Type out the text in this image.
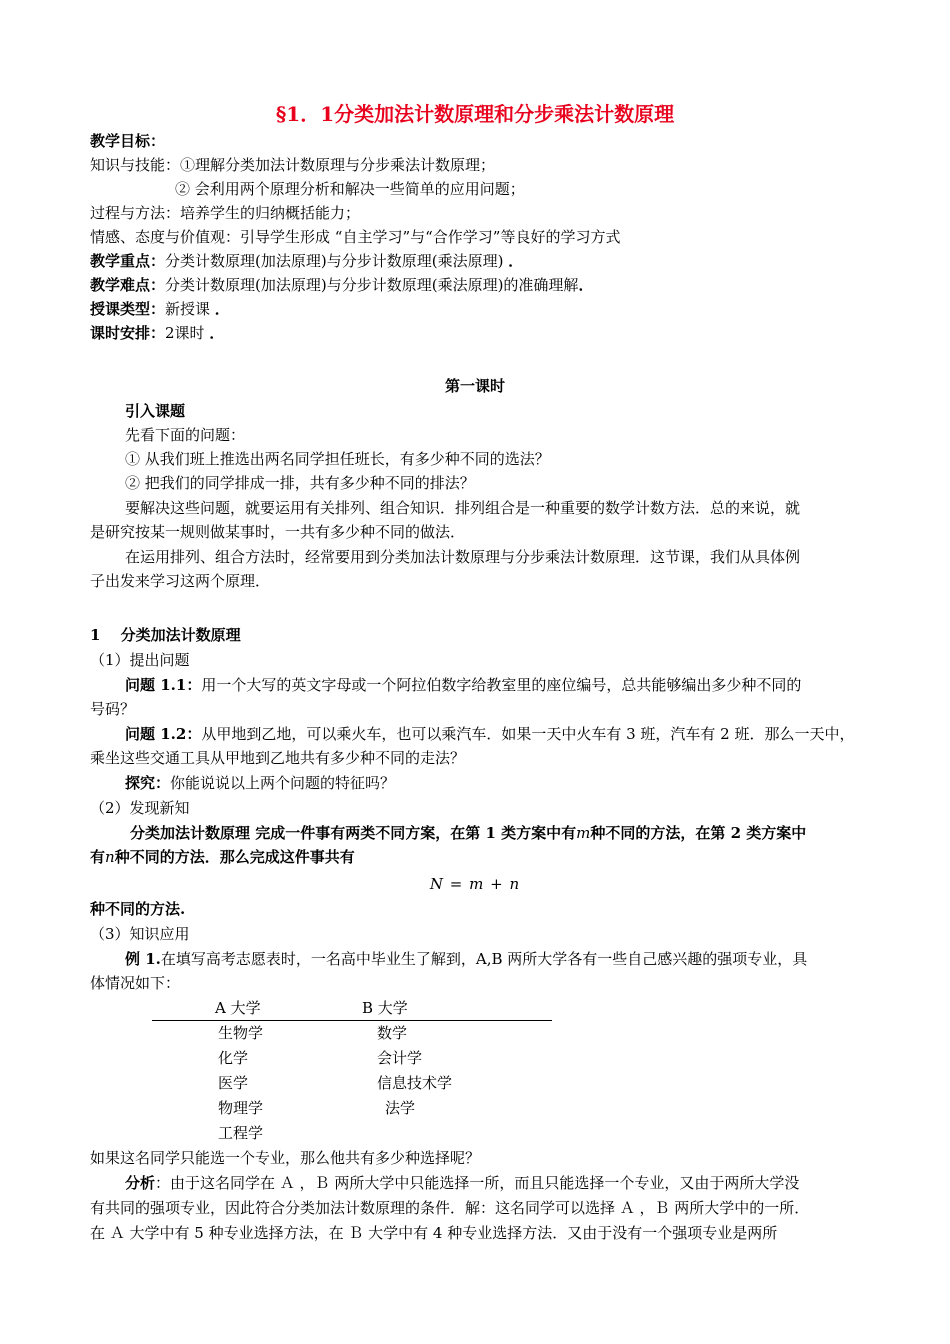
§1．1分类加法计数原理和分步乘法计数原理
教学目标：
知识与技能：①理解分类加法计数原理与分步乘法计数原理；
② 会利用两个原理分析和解决一些简单的应用问题；
过程与方法：培养学生的归纳概括能力；
情感、态度与价值观：引导学生形成 “自主学习”与“合作学习”等良好的学习方式
教学重点：分类计数原理(加法原理)与分步计数原理(乘法原理) ．
教学难点：分类计数原理(加法原理)与分步计数原理(乘法原理)的准确理解．
授课类型：新授课 ．
课时安排：2课时 ．
第一课时
引入课题
先看下面的问题：
① 从我们班上推选出两名同学担任班长，有多少种不同的选法？
② 把我们的同学排成一排，共有多少种不同的排法？
要解决这些问题，就要运用有关排列、组合知识．排列组合是一种重要的数学计数方法．总的来说，就
是研究按某一规则做某事时，一共有多少种不同的做法．
在运用排列、组合方法时，经常要用到分类加法计数原理与分步乘法计数原理．这节课，我们从具体例
子出发来学习这两个原理．
1　 分类加法计数原理
（1）提出问题
问题 1.1：用一个大写的英文字母或一个阿拉伯数字给教室里的座位编号，总共能够编出多少种不同的
号码？
问题 1.2：从甲地到乙地，可以乘火车，也可以乘汽车．如果一天中火车有 3 班，汽车有 2 班．那么一天中，
乘坐这些交通工具从甲地到乙地共有多少种不同的走法？
探究：你能说说以上两个问题的特征吗？
（2）发现新知
分类加法计数原理 完成一件事有两类不同方案，在第 1 类方案中有m种不同的方法，在第 2 类方案中
有n种不同的方法．那么完成这件事共有
N = m + n
种不同的方法.
（3）知识应用
例 1.在填写高考志愿表时，一名高中毕业生了解到，A,B 两所大学各有一些自己感兴趣的强项专业，具
体情况如下：
A 大学	B 大学
生物学
化学
医学
物理学
工程学
数学
会计学
信息技术学
法学
如果这名同学只能选一个专业，那么他共有多少种选择呢？
分析：由于这名同学在 Ａ ，Ｂ 两所大学中只能选择一所，而且只能选择一个专业，又由于两所大学没
有共同的强项专业，因此符合分类加法计数原理的条件．解：这名同学可以选择 Ａ ，Ｂ 两所大学中的一所．
在 Ａ 大学中有 5 种专业选择方法，在 Ｂ 大学中有 4 种专业选择方法．又由于没有一个强项专业是两所
